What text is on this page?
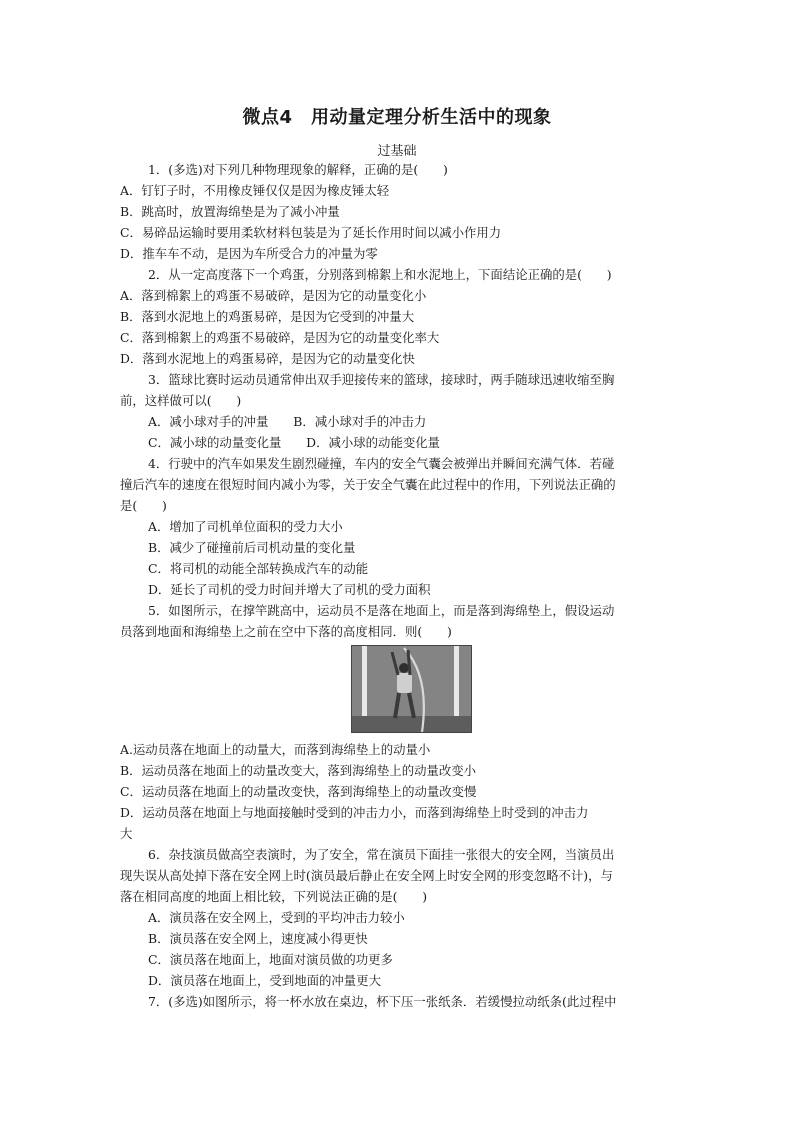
微点4　用动量定理分析生活中的现象
过基础
1．(多选)对下列几种物理现象的解释，正确的是(　　)
A．钉钉子时，不用橡皮锤仅仅是因为橡皮锤太轻
B．跳高时，放置海绵垫是为了减小冲量
C．易碎品运输时要用柔软材料包装是为了延长作用时间以减小作用力
D．推车车不动，是因为车所受合力的冲量为零
2．从一定高度落下一个鸡蛋，分别落到棉絮上和水泥地上，下面结论正确的是(　　)
A．落到棉絮上的鸡蛋不易破碎，是因为它的动量变化小
B．落到水泥地上的鸡蛋易碎，是因为它受到的冲量大
C．落到棉絮上的鸡蛋不易破碎，是因为它的动量变化率大
D．落到水泥地上的鸡蛋易碎，是因为它的动量变化快
3．篮球比赛时运动员通常伸出双手迎接传来的篮球，接球时，两手随球迅速收缩至胸
前，这样做可以(　　)
A．减小球对手的冲量　　B．减小球对手的冲击力
C．减小球的动量变化量　　D．减小球的动能变化量
4．行驶中的汽车如果发生剧烈碰撞，车内的安全气囊会被弹出并瞬间充满气体．若碰
撞后汽车的速度在很短时间内减小为零，关于安全气囊在此过程中的作用，下列说法正确的
是(　　)
A．增加了司机单位面积的受力大小
B．减少了碰撞前后司机动量的变化量
C．将司机的动能全部转换成汽车的动能
D．延长了司机的受力时间并增大了司机的受力面积
5．如图所示，在撑竿跳高中，运动员不是落在地面上，而是落到海绵垫上，假设运动
员落到地面和海绵垫上之前在空中下落的高度相同．则(　　)
A.运动员落在地面上的动量大，而落到海绵垫上的动量小
B．运动员落在地面上的动量改变大，落到海绵垫上的动量改变小
C．运动员落在地面上的动量改变快，落到海绵垫上的动量改变慢
D．运动员落在地面上与地面接触时受到的冲击力小，而落到海绵垫上时受到的冲击力
大
6．杂技演员做高空表演时，为了安全，常在演员下面挂一张很大的安全网，当演员出
现失误从高处掉下落在安全网上时(演员最后静止在安全网上时安全网的形变忽略不计)，与
落在相同高度的地面上相比较，下列说法正确的是(　　)
A．演员落在安全网上，受到的平均冲击力较小
B．演员落在安全网上，速度减小得更快
C．演员落在地面上，地面对演员做的功更多
D．演员落在地面上，受到地面的冲量更大
7．(多选)如图所示，将一杯水放在桌边，杯下压一张纸条．若缓慢拉动纸条(此过程中
